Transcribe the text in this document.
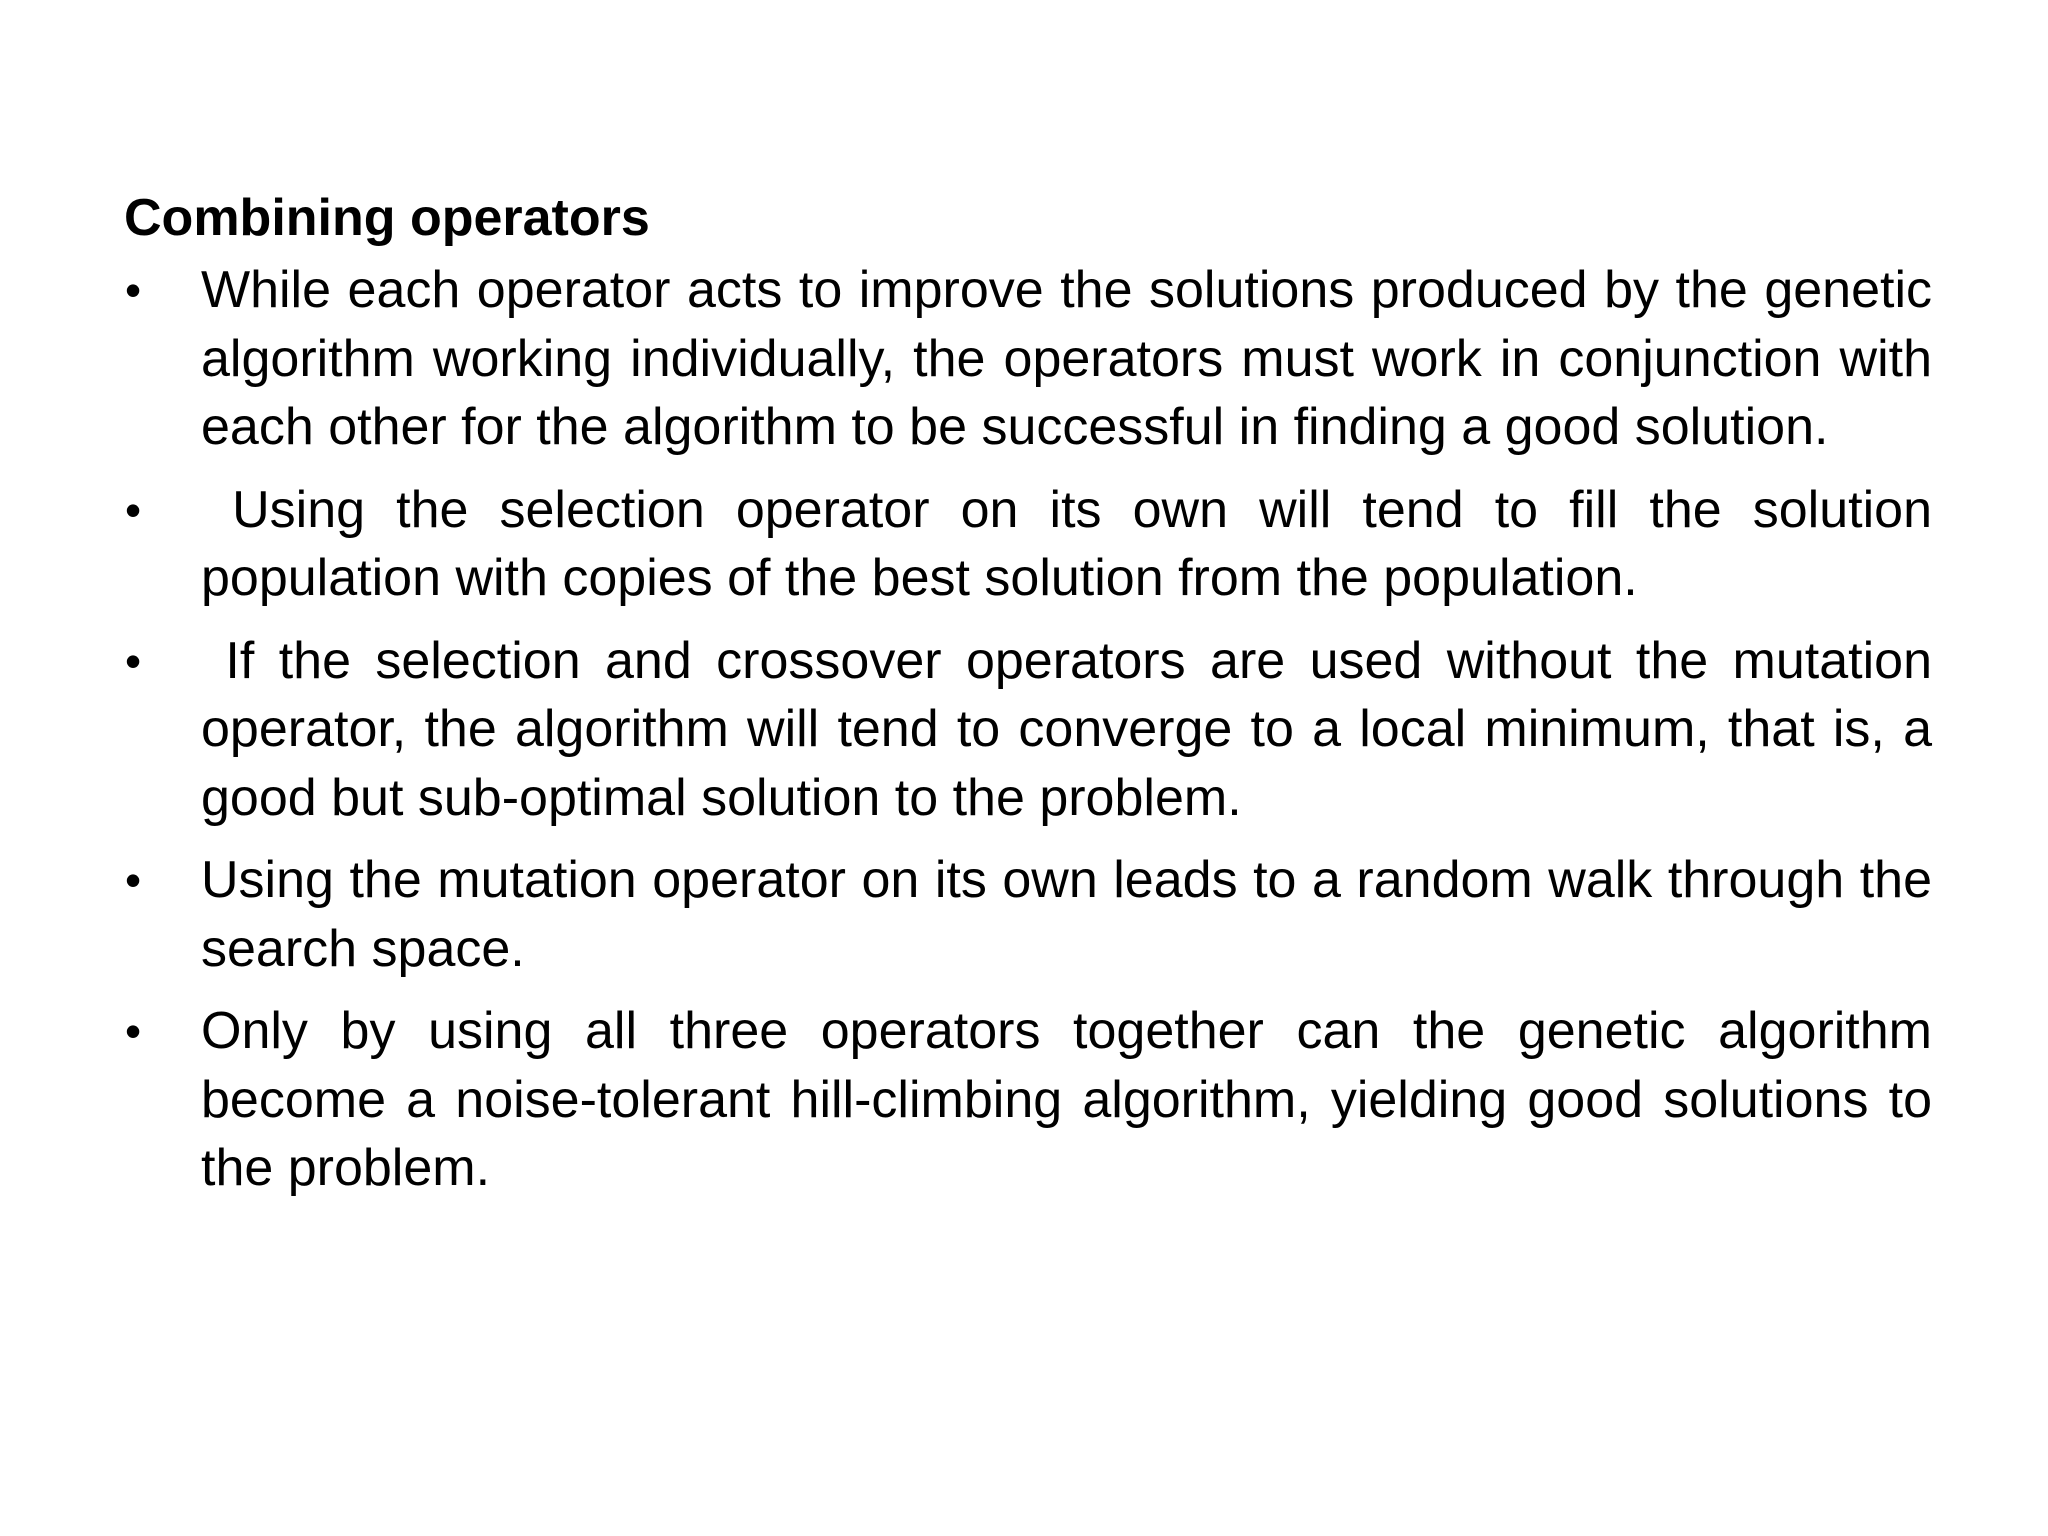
Combining operators
•	While each operator acts to improve the solutions produced by the genetic algorithm working individually, the operators must work in conjunction with each other for the algorithm to be successful in finding a good solution.
•	Using the selection operator on its own will tend to fill the solution population with copies of the best solution from the population.
•	If the selection and crossover operators are used without the mutation operator, the algorithm will tend to converge to a local minimum, that is, a good but sub-optimal solution to the problem.
•	Using the mutation operator on its own leads to a random walk through the search space.
•	Only by using all three operators together can the genetic algorithm become a noise-tolerant hill-climbing algorithm, yielding good solutions to the problem.
